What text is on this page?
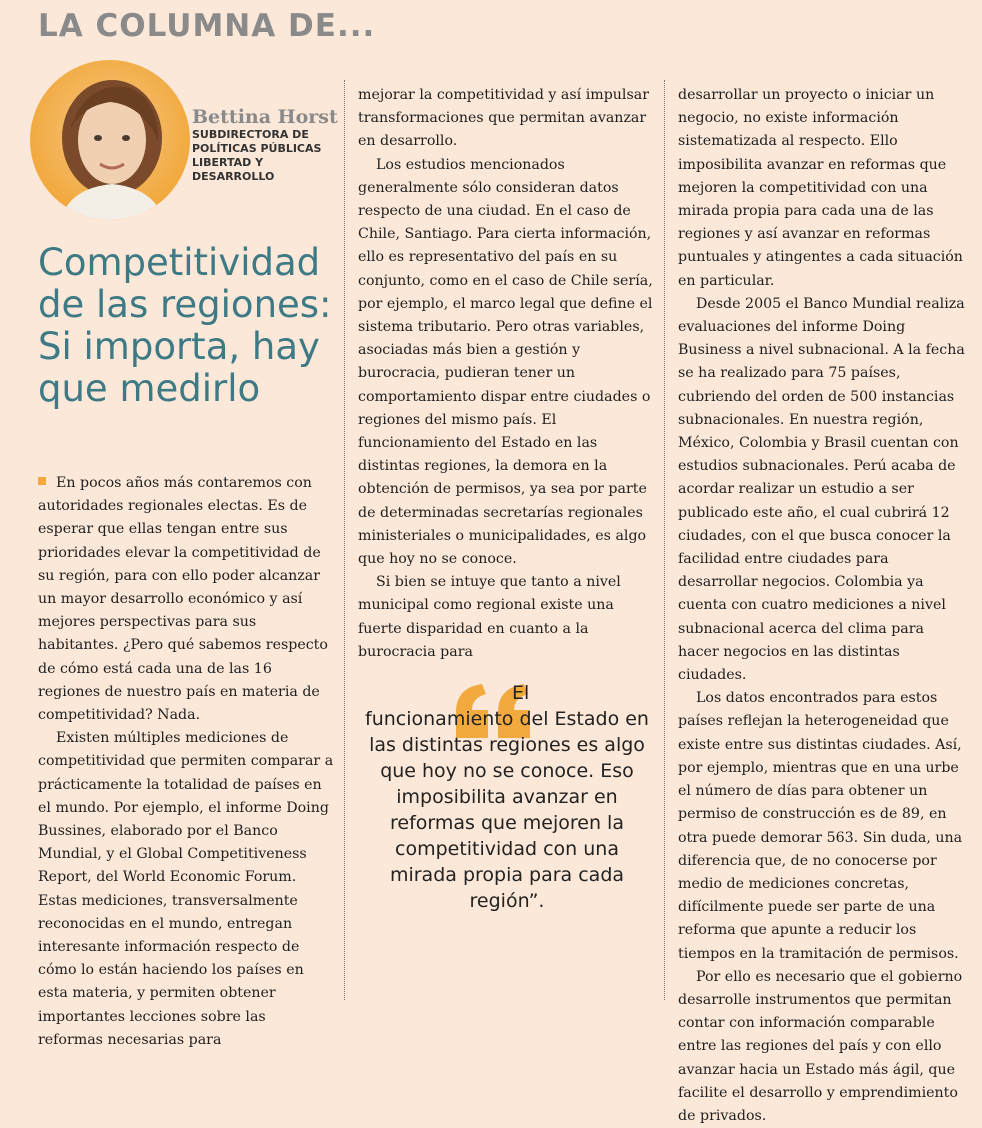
LA COLUMNA DE...
Bettina Horst
SUBDIRECTORA DE POLÍTICAS PÚBLICAS LIBERTAD Y DESARROLLO
Competitividad de las regiones: Si importa, hay que medirlo

En pocos años más contaremos con autoridades regionales electas. Es de esperar que ellas tengan entre sus prioridades elevar la competitividad de su región, para con ello poder alcanzar un mayor desarrollo económico y así mejores perspectivas para sus habitantes. ¿Pero qué sabemos respecto de cómo está cada una de las 16 regiones de nuestro país en materia de competitividad? Nada.

Existen múltiples mediciones de competitividad que permiten comparar a prácticamente la totalidad de países en el mundo. Por ejemplo, el informe Doing Bussines, elaborado por el Banco Mundial, y el Global Competitiveness Report, del World Economic Forum. Estas mediciones, transversalmente reconocidas en el mundo, entregan interesante información respecto de cómo lo están haciendo los países en esta materia, y permiten obtener importantes lecciones sobre las reformas necesarias para

mejorar la competitividad y así impulsar transformaciones que permitan avanzar en desarrollo.

Los estudios mencionados generalmente sólo consideran datos respecto de una ciudad. En el caso de Chile, Santiago. Para cierta información, ello es representativo del país en su conjunto, como en el caso de Chile sería, por ejemplo, el marco legal que define el sistema tributario. Pero otras variables, asociadas más bien a gestión y burocracia, pudieran tener un comportamiento dispar entre ciudades o regiones del mismo país. El funcionamiento del Estado en las distintas regiones, la demora en la obtención de permisos, ya sea por parte de determinadas secretarías regionales ministeriales o municipalidades, es algo que hoy no se conoce.

Si bien se intuye que tanto a nivel municipal como regional existe una fuerte disparidad en cuanto a la burocracia para

El
funcionamiento del Estado en las distintas regiones es algo que hoy no se conoce. Eso imposibilita avanzar en reformas que mejoren la competitividad con una mirada propia para cada región”.

desarrollar un proyecto o iniciar un negocio, no existe información sistematizada al respecto. Ello imposibilita avanzar en reformas que mejoren la competitividad con una mirada propia para cada una de las regiones y así avanzar en reformas puntuales y atingentes a cada situación en particular.

Desde 2005 el Banco Mundial realiza evaluaciones del informe Doing Business a nivel subnacional. A la fecha se ha realizado para 75 países, cubriendo del orden de 500 instancias subnacionales. En nuestra región, México, Colombia y Brasil cuentan con estudios subnacionales. Perú acaba de acordar realizar un estudio a ser publicado este año, el cual cubrirá 12 ciudades, con el que busca conocer la facilidad entre ciudades para desarrollar negocios. Colombia ya cuenta con cuatro mediciones a nivel subnacional acerca del clima para hacer negocios en las distintas ciudades.

Los datos encontrados para estos países reflejan la heterogeneidad que existe entre sus distintas ciudades. Así, por ejemplo, mientras que en una urbe el número de días para obtener un permiso de construcción es de 89, en otra puede demorar 563. Sin duda, una diferencia que, de no conocerse por medio de mediciones concretas, difícilmente puede ser parte de una reforma que apunte a reducir los tiempos en la tramitación de permisos.

Por ello es necesario que el gobierno desarrolle instrumentos que permitan contar con información comparable entre las regiones del país y con ello avanzar hacia un Estado más ágil, que facilite el desarrollo y emprendimiento de privados.
